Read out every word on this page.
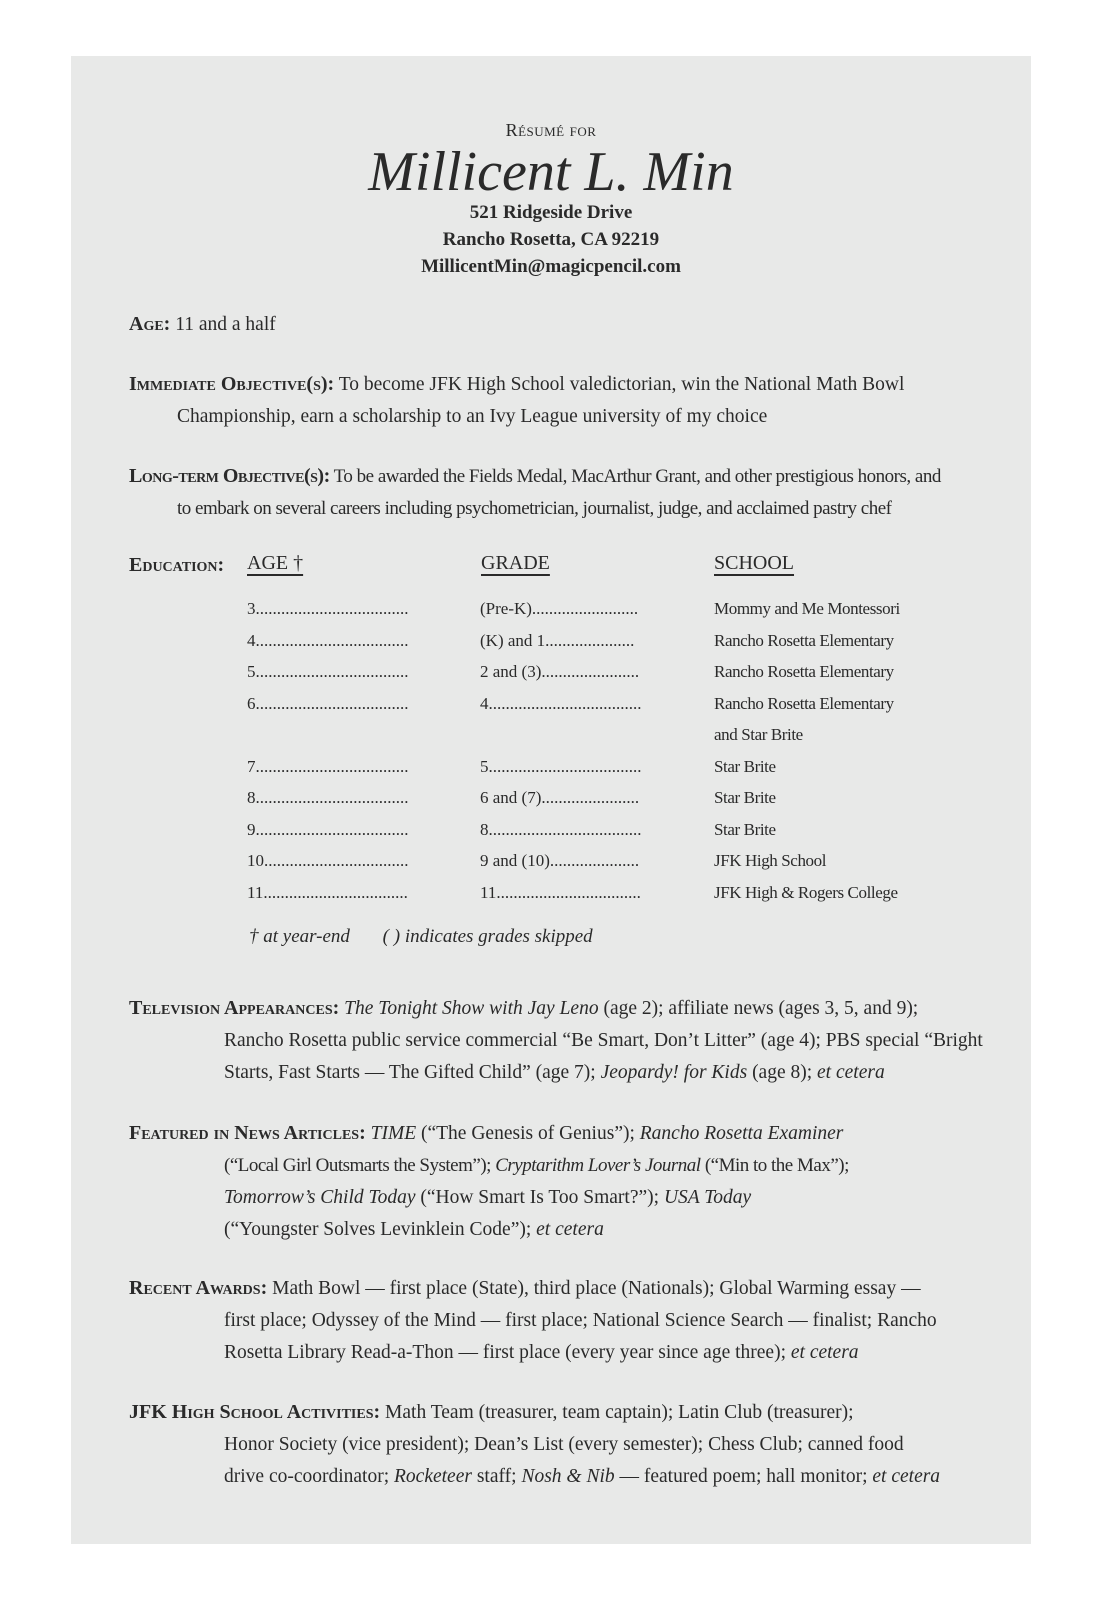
Résumé for
Millicent L. Min
521 Ridgeside Drive
Rancho Rosetta, CA 92219
MillicentMin@magicpencil.com
Age: 11 and a half
Immediate Objective(s): To become JFK High School valedictorian, win the National Math Bowl
Championship, earn a scholarship to an Ivy League university of my choice
Long-term Objective(s): To be awarded the Fields Medal, MacArthur Grant, and other prestigious honors, and
to embark on several careers including psychometrician, journalist, judge, and acclaimed pastry chef
Education: AGE †	GRADE	SCHOOL
3....................................	(Pre-K).........................	Mommy and Me Montessori
4....................................	(K) and 1.....................	Rancho Rosetta Elementary
5....................................	2 and (3).......................	Rancho Rosetta Elementary
6....................................	4....................................	Rancho Rosetta Elementary
and Star Brite
7....................................	5....................................	Star Brite
8....................................	6 and (7).......................	Star Brite
9....................................	8....................................	Star Brite
10..................................	9 and (10).....................	JFK High School
11..................................	11..................................	JFK High & Rogers College
† at year-end ( ) indicates grades skipped
Television Appearances: The Tonight Show with Jay Leno (age 2); affiliate news (ages 3, 5, and 9);
Rancho Rosetta public service commercial “Be Smart, Don’t Litter” (age 4); PBS special “Bright
Starts, Fast Starts — The Gifted Child” (age 7); Jeopardy! for Kids (age 8); et cetera
Featured in News Articles: TIME (“The Genesis of Genius”); Rancho Rosetta Examiner
(“Local Girl Outsmarts the System”); Cryptarithm Lover’s Journal (“Min to the Max”);
Tomorrow’s Child Today (“How Smart Is Too Smart?”); USA Today
(“Youngster Solves Levinklein Code”); et cetera
Recent Awards: Math Bowl — first place (State), third place (Nationals); Global Warming essay —
first place; Odyssey of the Mind — first place; National Science Search — finalist; Rancho
Rosetta Library Read-a-Thon — first place (every year since age three); et cetera
JFK High School Activities: Math Team (treasurer, team captain); Latin Club (treasurer);
Honor Society (vice president); Dean’s List (every semester); Chess Club; canned food
drive co-coordinator; Rocketeer staff; Nosh & Nib — featured poem; hall monitor; et cetera
